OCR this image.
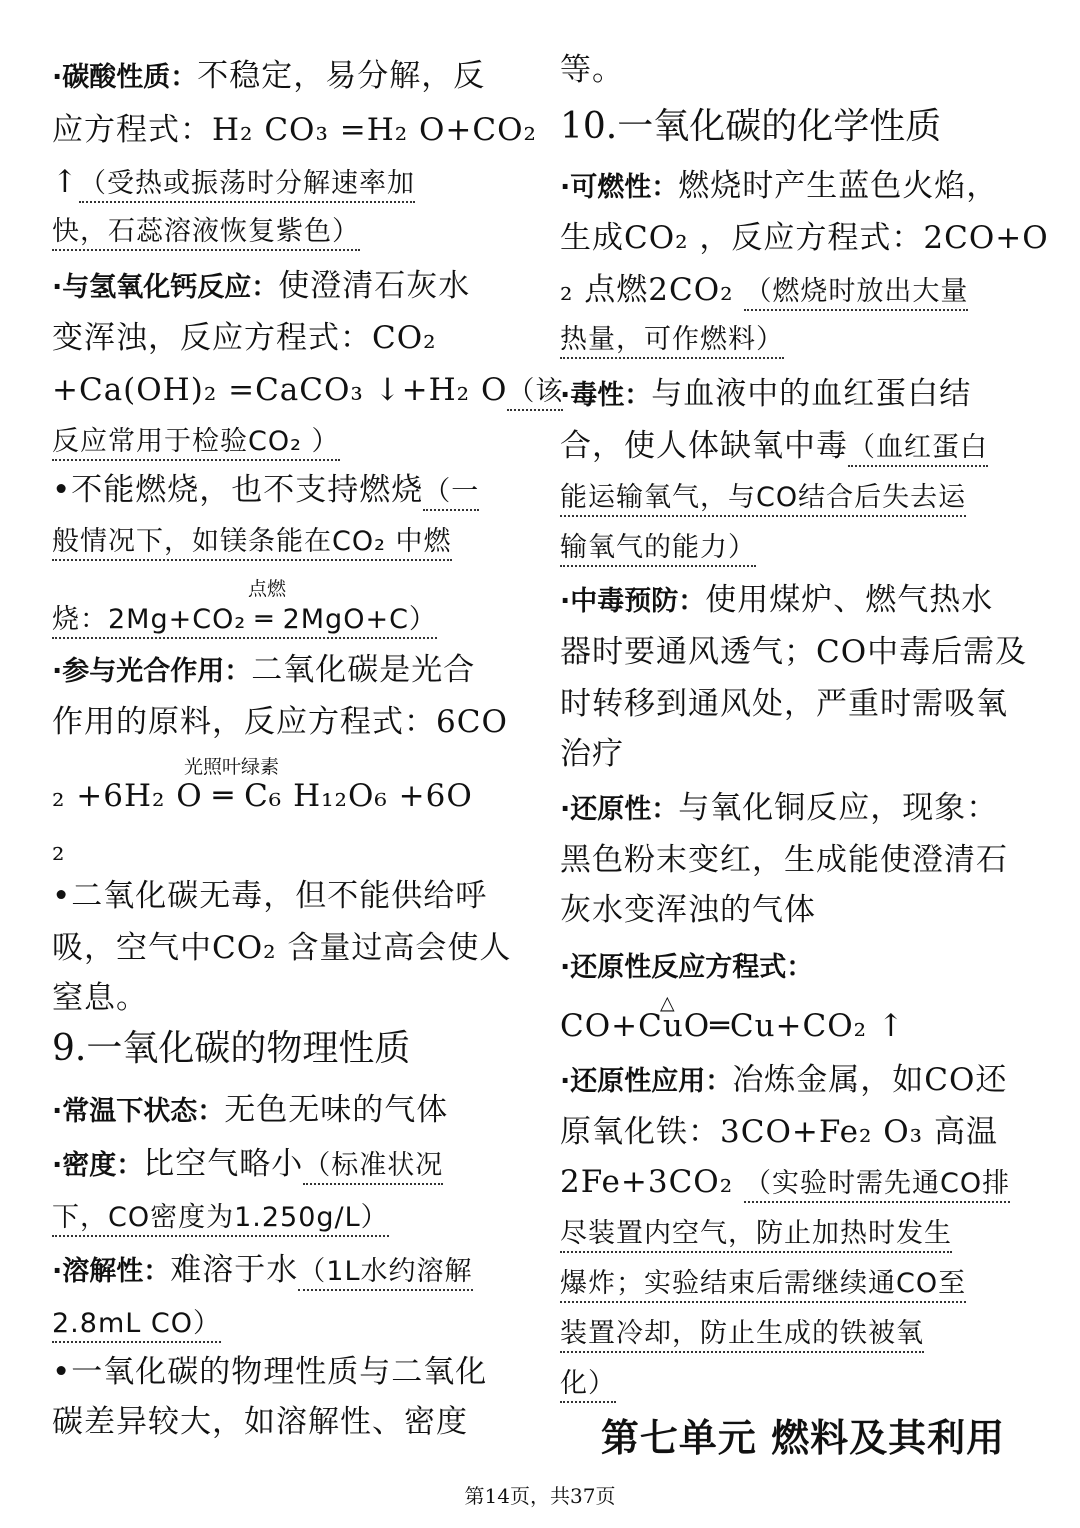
·碳酸性质：不稳定，易分解，反
应方程式：H₂ CO₃ =H₂ O+CO₂
↑（受热或振荡时分解速率加
快，石蕊溶液恢复紫色）
·与氢氧化钙反应：使澄清石灰水
变浑浊，反应方程式：CO₂
+Ca(OH)₂ =CaCO₃ ↓+H₂ O（该
反应常用于检验CO₂ ）
•不能燃烧，也不支持燃烧（一
般情况下，如镁条能在CO₂ 中燃
点燃
烧：2Mg+CO₂ ═ 2MgO+C）
·参与光合作用：二氧化碳是光合
作用的原料，反应方程式：6CO
光照叶绿素
₂ +6H₂ O ═ C₆ H₁₂O₆ +6O
₂
•二氧化碳无毒，但不能供给呼
吸，空气中CO₂ 含量过高会使人
窒息。
9.一氧化碳的物理性质
·常温下状态：无色无味的气体
·密度：比空气略小（标准状况
下，CO密度为1.250g/L）
·溶解性：难溶于水（1L水约溶解
2.8mL CO）
•一氧化碳的物理性质与二氧化
碳差异较大，如溶解性、密度
等。
10.一氧化碳的化学性质
·可燃性：燃烧时产生蓝色火焰，
生成CO₂ ，反应方程式：2CO+O
₂ 点燃2CO₂ （燃烧时放出大量
热量，可作燃料）
·毒性：与血液中的血红蛋白结
合，使人体缺氧中毒（血红蛋白
能运输氧气，与CO结合后失去运
输氧气的能力）
·中毒预防：使用煤炉、燃气热水
器时要通风透气；CO中毒后需及
时转移到通风处，严重时需吸氧
治疗
·还原性：与氧化铜反应，现象：
黑色粉末变红，生成能使澄清石
灰水变浑浊的气体
·还原性反应方程式：
△
CO+CuO═Cu+CO₂ ↑
·还原性应用：冶炼金属，如CO还
原氧化铁：3CO+Fe₂ O₃ 高温
2Fe+3CO₂ （实验时需先通CO排
尽装置内空气，防止加热时发生
爆炸；实验结束后需继续通CO至
装置冷却，防止生成的铁被氧
化）
第七单元 燃料及其利用
第14页，共37页
